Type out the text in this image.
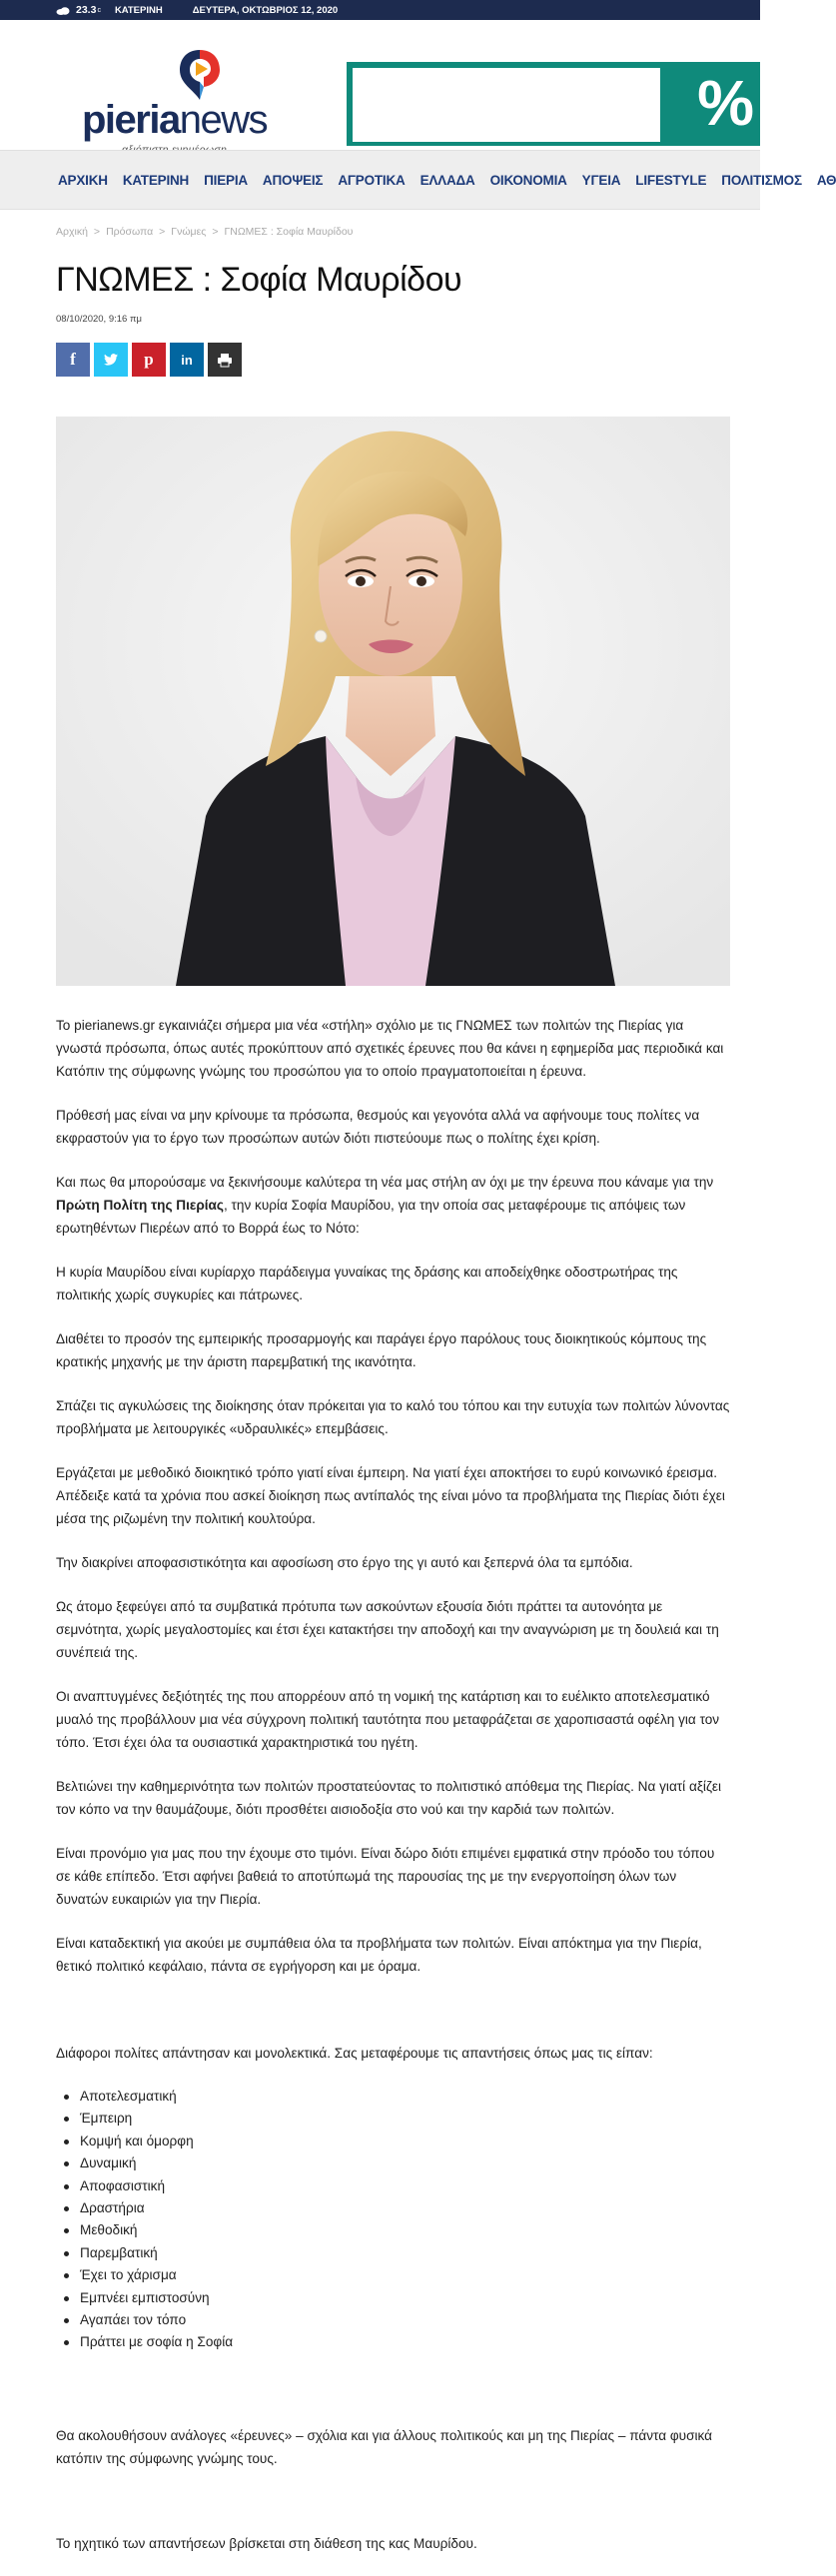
23.3 c ΚΑΤΕΡΙΝΗ	ΔΕΥΤΕΡΑ, ΟΚΤΩΒΡΙΟΣ 12, 2020
pierianews	%
ΑΡΧΙΚΗ ΚΑΤΕΡΙΝΗ ΠΙΕΡΙΑ ΑΠΟΨΕΙΣ ΑΓΡΟΤΙΚΑ ΕΛΛΑΔΑ ΟΙΚΟΝΟΜΙΑ ΥΓΕΙΑ LIFESTYLE ΠΟΛΙΤΙΣΜΟΣ ΑΘ
Αρχική > Πρόσωπα > Γνώμες > ΓΝΩΜΕΣ : Σοφία Μαυρίδου
ΓΝΩΜΕΣ : Σοφία Μαυρίδου
08/10/2020, 9:16 πμ
f	p in

Το pierianews.gr εγκαινιάζει σήμερα μια νέα «στήλη» σχόλιο με τις ΓΝΩΜΕΣ των πολιτών της Πιερίας για γνωστά πρόσωπα, όπως αυτές προκύπτουν από σχετικές έρευνες που θα κάνει η εφημερίδα μας περιοδικά και Κατόπιν της σύμφωνης γνώμης του προσώπου για το οποίο πραγματοποιείται η έρευνα.

Πρόθεσή μας είναι να μην κρίνουμε τα πρόσωπα, θεσμούς και γεγονότα αλλά να αφήνουμε τους πολίτες να εκφραστούν για το έργο των προσώπων αυτών διότι πιστεύουμε πως ο πολίτης έχει κρίση.

Και πως θα μπορούσαμε να ξεκινήσουμε καλύτερα τη νέα μας στήλη αν όχι με την έρευνα που κάναμε για την Πρώτη Πολίτη της Πιερίας, την κυρία Σοφία Μαυρίδου, για την οποία σας μεταφέρουμε τις απόψεις των ερωτηθέντων Πιερέων από το Βορρά έως το Νότο:

Η κυρία Μαυρίδου είναι κυρίαρχο παράδειγμα γυναίκας της δράσης και αποδείχθηκε οδοστρωτήρας της πολιτικής χωρίς συγκυρίες και πάτρωνες.

Διαθέτει το προσόν της εμπειρικής προσαρμογής και παράγει έργο παρόλους τους διοικητικούς κόμπους της κρατικής μηχανής με την άριστη παρεμβατική της ικανότητα.

Σπάζει τις αγκυλώσεις της διοίκησης όταν πρόκειται για το καλό του τόπου και την ευτυχία των πολιτών λύνοντας προβλήματα με λειτουργικές «υδραυλικές» επεμβάσεις.

Εργάζεται με μεθοδικό διοικητικό τρόπο γιατί είναι έμπειρη. Να γιατί έχει αποκτήσει το ευρύ κοινωνικό έρεισμα. Απέδειξε κατά τα χρόνια που ασκεί διοίκηση πως αντίπαλός της είναι μόνο τα προβλήματα της Πιερίας διότι έχει μέσα της ριζωμένη την πολιτική κουλτούρα.

Την διακρίνει αποφασιστικότητα και αφοσίωση στο έργο της γι αυτό και ξεπερνά όλα τα εμπόδια.

Ως άτομο ξεφεύγει από τα συμβατικά πρότυπα των ασκούντων εξουσία διότι πράττει τα αυτονόητα με σεμνότητα, χωρίς μεγαλοστομίες και έτσι έχει κατακτήσει την αποδοχή και την αναγνώριση με τη δουλειά και τη συνέπειά της.

Οι αναπτυγμένες δεξιότητές της που απορρέουν από τη νομική της κατάρτιση και το ευέλικτο αποτελεσματικό μυαλό της προβάλλουν μια νέα σύγχρονη πολιτική ταυτότητα που μεταφράζεται σε χαροπισαστά οφέλη για τον τόπο. Έτσι έχει όλα τα ουσιαστικά χαρακτηριστικά του ηγέτη.

Βελτιώνει την καθημερινότητα των πολιτών προστατεύοντας το πολιτιστικό απόθεμα της Πιερίας. Να γιατί αξίζει τον κόπο να την θαυμάζουμε, διότι προσθέτει αισιοδοξία στο νού και την καρδιά των πολιτών.

Είναι προνόμιο για μας που την έχουμε στο τιμόνι. Είναι δώρο διότι επιμένει εμφατικά στην πρόοδο του τόπου σε κάθε επίπεδο. Έτσι αφήνει βαθειά το αποτύπωμά της παρουσίας της με την ενεργοποίηση όλων των δυνατών ευκαιριών για την Πιερία.

Είναι καταδεκτική για ακούει με συμπάθεια όλα τα προβλήματα των πολιτών. Είναι απόκτημα για την Πιερία, θετικό πολιτικό κεφάλαιο, πάντα σε εγρήγορση και με όραμα.

Διάφοροι πολίτες απάντησαν και μονολεκτικά. Σας μεταφέρουμε τις απαντήσεις όπως μας τις είπαν:

Αποτελεσματική
Έμπειρη
Κομψή και όμορφη
Δυναμική
Αποφασιστική
Δραστήρια
Μεθοδική
Παρεμβατική
Έχει το χάρισμα
Εμπνέει εμπιστοσύνη
Αγαπάει τον τόπο
Πράττει με σοφία η Σοφία

Θα ακολουθήσουν ανάλογες «έρευνες» – σχόλια και για άλλους πολιτικούς και μη της Πιερίας – πάντα φυσικά κατόπιν της σύμφωνης γνώμης τους.

Το ηχητικό των απαντήσεων βρίσκεται στη διάθεση της κας Μαυρίδου.
